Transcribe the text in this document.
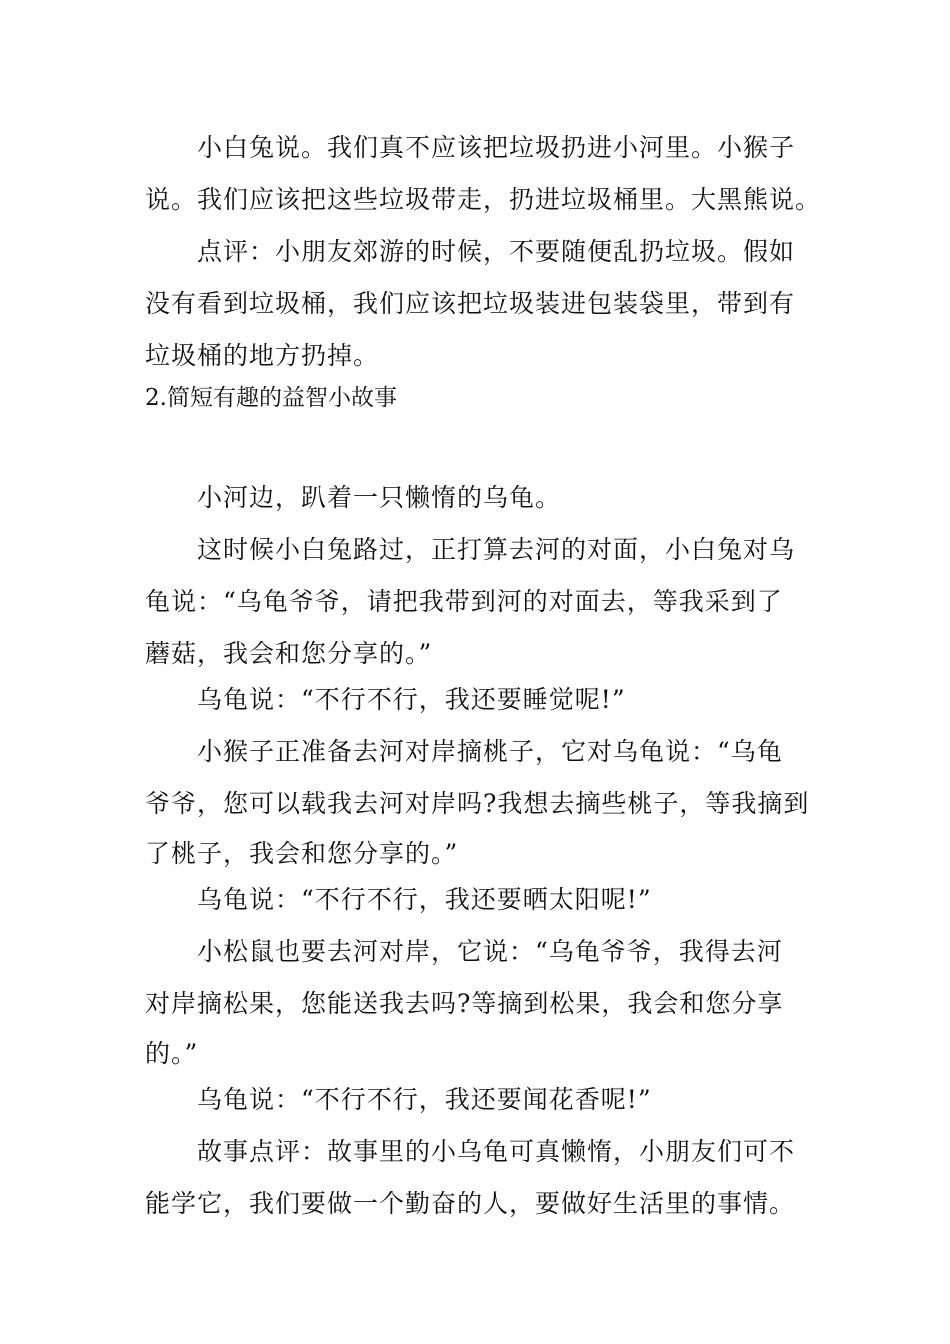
小白兔说。我们真不应该把垃圾扔进小河里。小猴子
说。我们应该把这些垃圾带走，扔进垃圾桶里。大黑熊说。
点评：小朋友郊游的时候，不要随便乱扔垃圾。假如
没有看到垃圾桶，我们应该把垃圾装进包装袋里，带到有
垃圾桶的地方扔掉。
2.简短有趣的益智小故事
小河边，趴着一只懒惰的乌龟。
这时候小白兔路过，正打算去河的对面，小白兔对乌
龟说：“乌龟爷爷，请把我带到河的对面去，等我采到了
蘑菇，我会和您分享的。”
乌龟说：“不行不行，我还要睡觉呢!”
小猴子正准备去河对岸摘桃子，它对乌龟说：“乌龟
爷爷，您可以载我去河对岸吗?我想去摘些桃子，等我摘到
了桃子，我会和您分享的。”
乌龟说：“不行不行，我还要晒太阳呢!”
小松鼠也要去河对岸，它说：“乌龟爷爷，我得去河
对岸摘松果，您能送我去吗?等摘到松果，我会和您分享
的。”
乌龟说：“不行不行，我还要闻花香呢!”
故事点评：故事里的小乌龟可真懒惰，小朋友们可不
能学它，我们要做一个勤奋的人，要做好生活里的事情。
